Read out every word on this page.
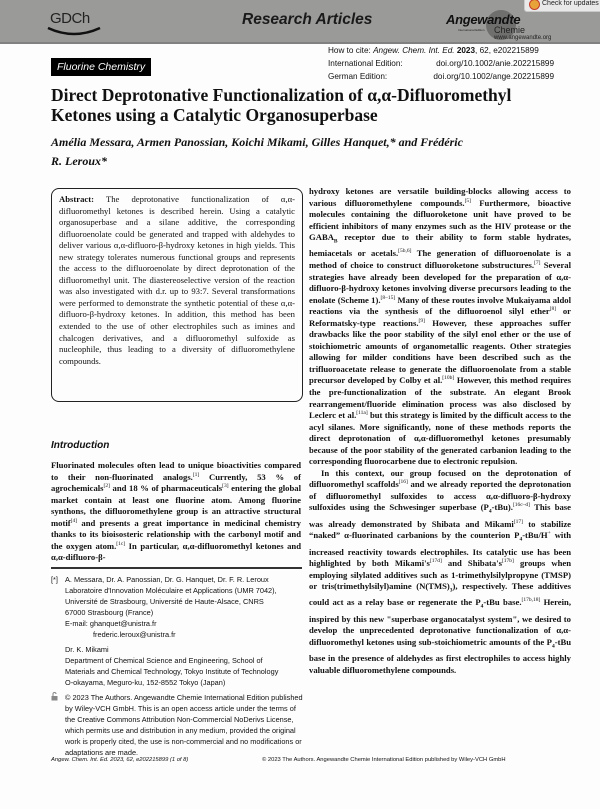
GDCh	Research Articles	Angewandte
International Edition Chemie
www.angewandte.org
Check for updates
How to cite: Angew. Chem. Int. Ed. 2023, 62, e202215899
International Edition:	doi.org/10.1002/anie.202215899
German Edition:	doi.org/10.1002/ange.202215899
Fluorine Chemistry
Direct Deprotonative Functionalization of α,α-Difluoromethyl Ketones using a Catalytic Organosuperbase
Amélia Messara, Armen Panossian, Koichi Mikami, Gilles Hanquet,* and Frédéric R. Leroux*
Abstract: The deprotonative functionalization of α,α-difluoromethyl ketones is described herein. Using a catalytic organosuperbase and a silane additive, the corresponding difluoroenolate could be generated and trapped with aldehydes to deliver various α,α-difluoro-β-hydroxy ketones in high yields. This new strategy tolerates numerous functional groups and represents the access to the difluoroenolate by direct deprotonation of the difluoromethyl unit. The diastereoselective version of the reaction was also investigated with d.r. up to 93:7. Several transformations were performed to demonstrate the synthetic potential of these α,α-difluoro-β-hydroxy ketones. In addition, this method has been extended to the use of other electrophiles such as imines and chalcogen derivatives, and a difluoromethyl sulfoxide as nucleophile, thus leading to a diversity of difluoromethylene compounds.
Introduction

Fluorinated molecules often lead to unique bioactivities compared to their non-fluorinated analogs.[1] Currently, 53 % of agrochemicals[2] and 18 % of pharmaceuticals[3] entering the global market contain at least one fluorine atom. Among fluorine synthons, the difluoromethylene group is an attractive structural motif[4] and presents a great importance in medicinal chemistry thanks to its bioisosteric relationship with the carbonyl motif and the oxygen atom.[1c] In particular, α,α-difluoromethyl ketones and α,α-difluoro-β-

hydroxy ketones are versatile building-blocks allowing access to various difluoromethylene compounds.[5] Furthermore, bioactive molecules containing the difluoroketone unit have proved to be efficient inhibitors of many enzymes such as the HIV protease or the $GABA_B$ receptor due to their ability to form stable hydrates, hemiacetals or acetals.[5b,6] The generation of difluoroenolate is a method of choice to construct difluoroketone substructures.[7] Several strategies have already been developed for the preparation of α,α-difluoro-β-hydroxy ketones involving diverse precursors leading to the enolate (Scheme 1).[8–15] Many of these routes involve Mukaiyama aldol reactions via the synthesis of the difluoroenol silyl ether[8] or Reformatsky-type reactions.[9] However, these approaches suffer drawbacks like the poor stability of the silyl enol ether or the use of stoichiometric amounts of organometallic reagents. Other strategies allowing for milder conditions have been described such as the trifluoroacetate release to generate the difluoroenolate from a stable precursor developed by Colby et al.[10b] However, this method requires the pre-functionalization of the substrate. An elegant Brook rearrangement/fluoride elimination process was also disclosed by Leclerc et al.[11a] but this strategy is limited by the difficult access to the acyl silanes. More significantly, none of these methods reports the direct deprotonation of α,α-difluoromethyl ketones presumably because of the poor stability of the generated carbanion leading to the corresponding fluorocarbene due to electronic repulsion.

In this context, our group focused on the deprotonation of difluoromethyl scaffolds[16] and we already reported the deprotonation of difluoromethyl sulfoxides to access α,α-difluoro-β-hydroxy sulfoxides using the Schwesinger superbase $(P_4-tBu).[16c-d]$ This base was already demonstrated by Shibata and Mikami[17] to stabilize “naked” α-fluorinated carbanions by the counterion $P_4-tBu/H^+$ with increased reactivity towards electrophiles. Its catalytic use has been highlighted by both Mikami's[17d] and Shibata's[17b] groups when employing silylated additives such as 1-trimethylsilylpropyne (TMSP) or tris(trimethylsilyl)amine $(N(TMS)_3)$, respectively. These additives could act as a relay base or regenerate the $P_4$-tBu base.[17b,18] Herein, inspired by this new "superbase organocatalyst system", we desired to develop the unprecedented deprotonative functionalization of α,α-difluoromethyl ketones using sub-stoichiometric amounts of the $P_4$-tBu base in the presence of aldehydes as first electrophiles to access highly valuable difluoromethylene compounds.

[*] A. Messara, Dr. A. Panossian, Dr. G. Hanquet, Dr. F. R. Leroux
Laboratoire d'Innovation Moléculaire et Applications (UMR 7042),
Université de Strasbourg, Université de Haute-Alsace, CNRS
67000 Strasbourg (France)
E-mail: ghanquet@unistra.fr
frederic.leroux@unistra.fr
Dr. K. Mikami
Department of Chemical Science and Engineering, School of
Materials and Chemical Technology, Tokyo Institute of Technology
O-okayama, Meguro-ku, 152-8552 Tokyo (Japan)
© 2023 The Authors. Angewandte Chemie International Edition published by Wiley-VCH GmbH. This is an open access article under the terms of the Creative Commons Attribution Non-Commercial NoDerivs License, which permits use and distribution in any medium, provided the original work is properly cited, the use is non-commercial and no modifications or adaptations are made.
Angew. Chem. Int. Ed. 2023, 62, e202215899 (1 of 8)	© 2023 The Authors. Angewandte Chemie International Edition published by Wiley-VCH GmbH
